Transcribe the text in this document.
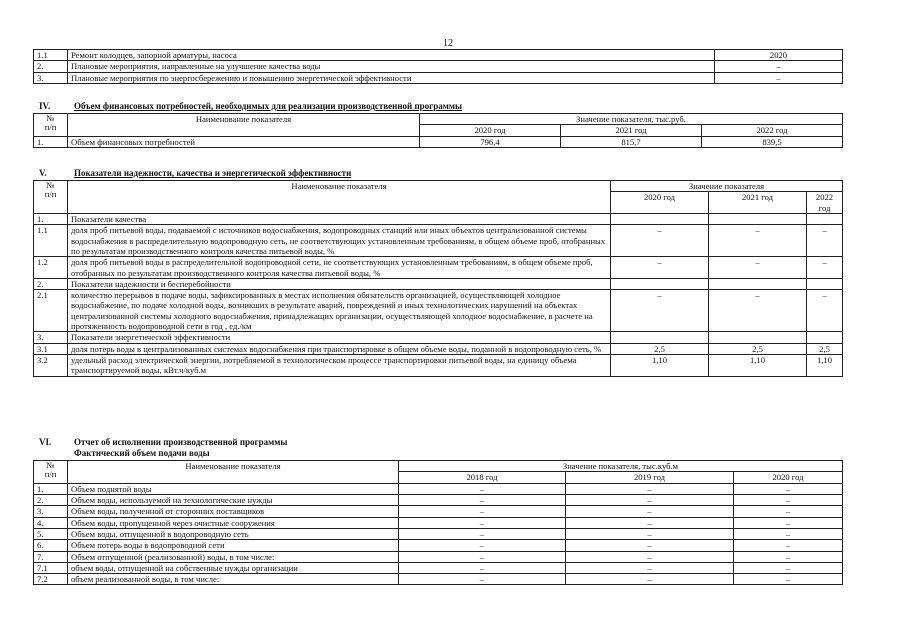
12
1.1	Ремонт колодцев, запорной арматуры, насоса	2020
2.	Плановые мероприятия, направленные на улучшение качества воды	–
3.	Плановые мероприятия по энергосбережению и повышению энергетической эффективности	–
IV.	Объем финансовых потребностей, необходимых для реализации производственной программы
№
п/п	Наименование показателя	Значение показателя, тыс.руб.		
		2020 год	2021 год	2022 год
1.	Объем финансовых потребностей	796,4	815,7	839,5
V.	Показатели надежности, качества и энергетической эффективности
№
п/п	Наименование показателя	Значение показателя		
		2020 год	2021 год	2022 год
1.	Показатели качества			
1.1	доля проб питьевой воды, подаваемой с источников водоснабжения, водопроводных станций или иных объектов централизованной системы водоснабжения в распределительную водопроводную сеть, не соответствующих установленным требованиям, в общем объеме проб, отобранных по результатам производственного контроля качества питьевой воды, %	–	–	–
1.2	доля проб питьевой воды в распределительной водопроводной сети, не соответствующих установленным требованиям, в общем объеме проб, отобранных по результатам производственного контроля качества питьевой воды, %	–	–	–
2.	Показатели надежности и бесперебойности			
2.1	количество перерывов в подаче воды, зафиксированных в местах исполнения обязательств организацией, осуществляющей холодное водоснабжение, по подаче холодной воды, возникших в результате аварий, повреждений и иных технологических нарушений на объектах централизованной системы холодного водоснабжения, принадлежащих организации, осуществляющей холодное водоснабжение, в расчете на протяженность водопроводной сети в год , ед./км	–	–	–
3.	Показатели энергетической эффективности			
3.1	доля потерь воды в централизованных системах водоснабжения при транспортировке в общем объеме воды, поданной в водопроводную сеть, %	2,5	2,5	2,5
3.2	удельный расход электрической энергии, потребляемой в технологическом процессе транспортировки питьевой воды, на единицу объема транспортируемой воды, кВт.ч/куб.м	1,10	1,10	1,10
VI.	Отчет об исполнении производственной программы
Фактический объем подачи воды
№
п/п	Наименование показателя	Значение показателя, тыс.куб.м		
		2018 год	2019 год	2020 год
1.	Объем поднятой воды	–	–	–
2.	Объем воды, используемой на технологические нужды	–	–	–
3.	Объем воды, полученной от сторонних поставщиков	–	–	–
4.	Объем воды, пропущенной через очистные сооружения	–	–	–
5.	Объем воды, отпущенной в водопроводную сеть	–	–	–
6.	Объем потерь воды в водопроводной сети	–	–	–
7.	Объем отпущенной (реализованной) воды, в том числе:	–	–	–
7.1	объем воды, отпущенной на собственные нужды организации	–	–	–
7.2	объем реализованной воды, в том числе:	–	–	–
